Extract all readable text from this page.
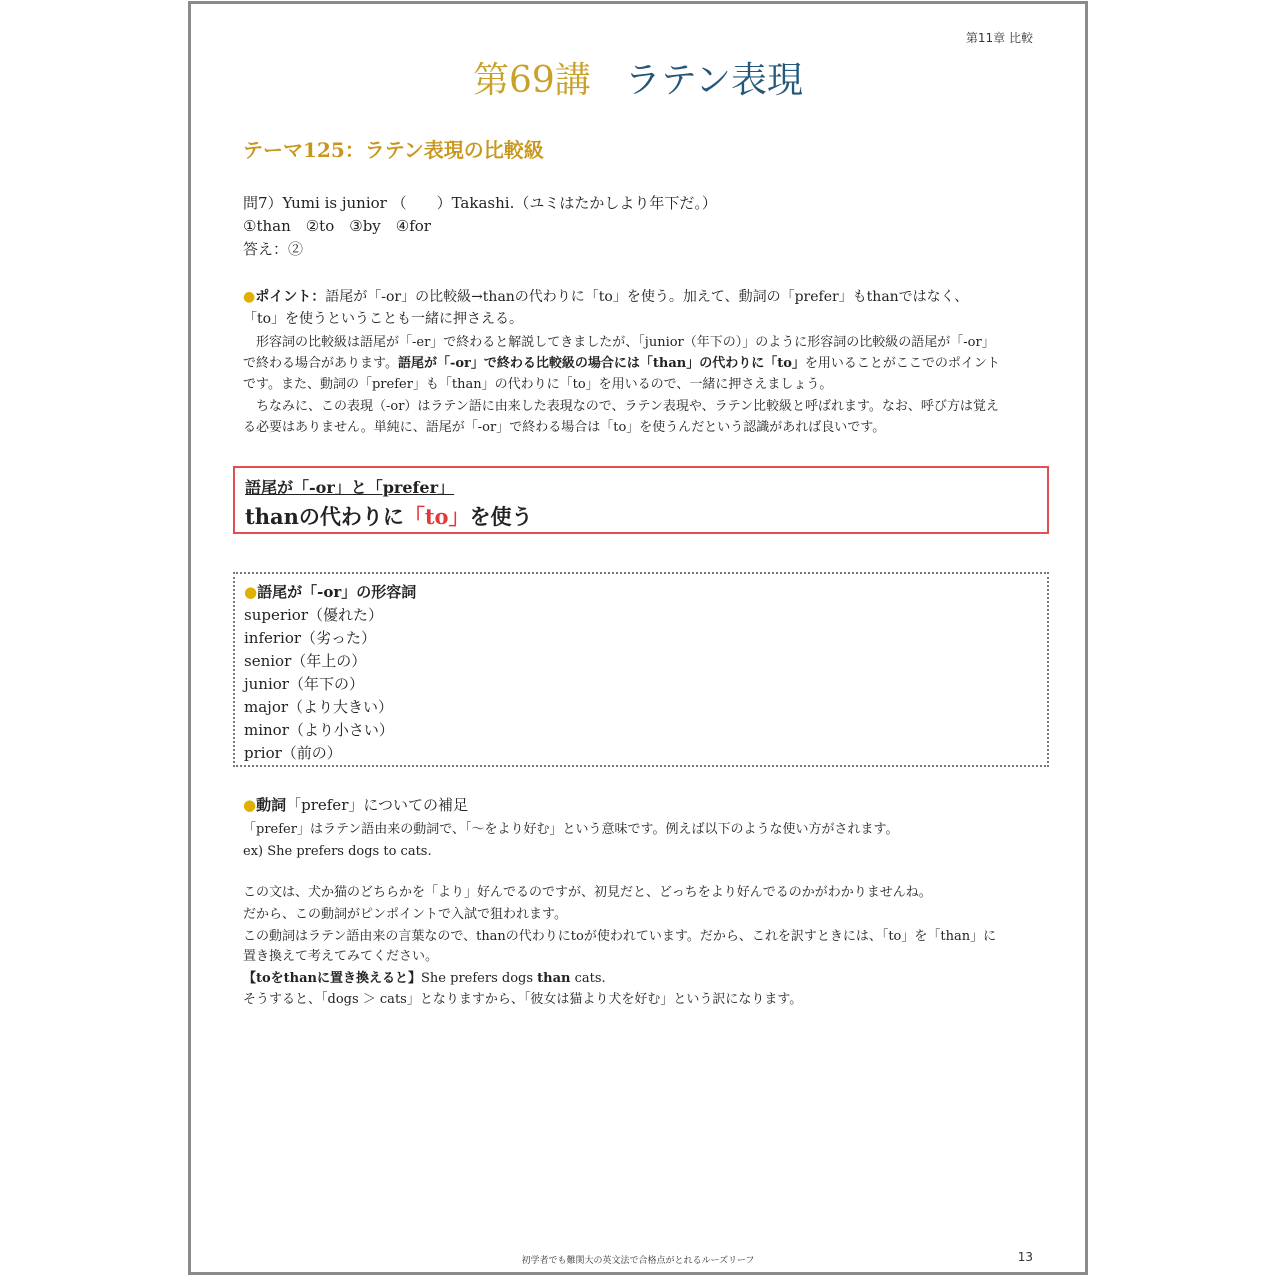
第11章 比較
第69講 ラテン表現
テーマ125：ラテン表現の比較級
問7）Yumi is junior （　　）Takashi.（ユミはたかしより年下だ。）
①than　②to　③by　④for
答え：②
●ポイント：語尾が「-or」の比較級→thanの代わりに「to」を使う。加えて、動詞の「prefer」もthanではなく、
「to」を使うということも一緒に押さえる。
　形容詞の比較級は語尾が「-er」で終わると解説してきましたが、「junior（年下の）」のように形容詞の比較級の語尾が「-or」
で終わる場合があります。語尾が「-or」で終わる比較級の場合には「than」の代わりに「to」を用いることがここでのポイント
です。また、動詞の「prefer」も「than」の代わりに「to」を用いるので、一緒に押さえましょう。
　ちなみに、この表現（-or）はラテン語に由来した表現なので、ラテン表現や、ラテン比較級と呼ばれます。なお、呼び方は覚え
る必要はありません。単純に、語尾が「-or」で終わる場合は「to」を使うんだという認識があれば良いです。
語尾が「-or」と「prefer」
thanの代わりに「to」を使う
●語尾が「-or」の形容詞
superior（優れた）
inferior（劣った）
senior（年上の）
junior（年下の）
major（より大きい）
minor（より小さい）
prior（前の）
●動詞「prefer」についての補足
「prefer」はラテン語由来の動詞で、「～をより好む」という意味です。例えば以下のような使い方がされます。
ex) She prefers dogs to cats.
この文は、犬か猫のどちらかを「より」好んでるのですが、初見だと、どっちをより好んでるのかがわかりませんね。
だから、この動詞がピンポイントで入試で狙われます。
この動詞はラテン語由来の言葉なので、thanの代わりにtoが使われています。だから、これを訳すときには、「to」を「than」に
置き換えて考えてみてください。
【toをthanに置き換えると】She prefers dogs than cats.
そうすると、「dogs ＞ cats」となりますから、「彼女は猫より犬を好む」という訳になります。
初学者でも難関大の英文法で合格点がとれるルーズリーフ	13
